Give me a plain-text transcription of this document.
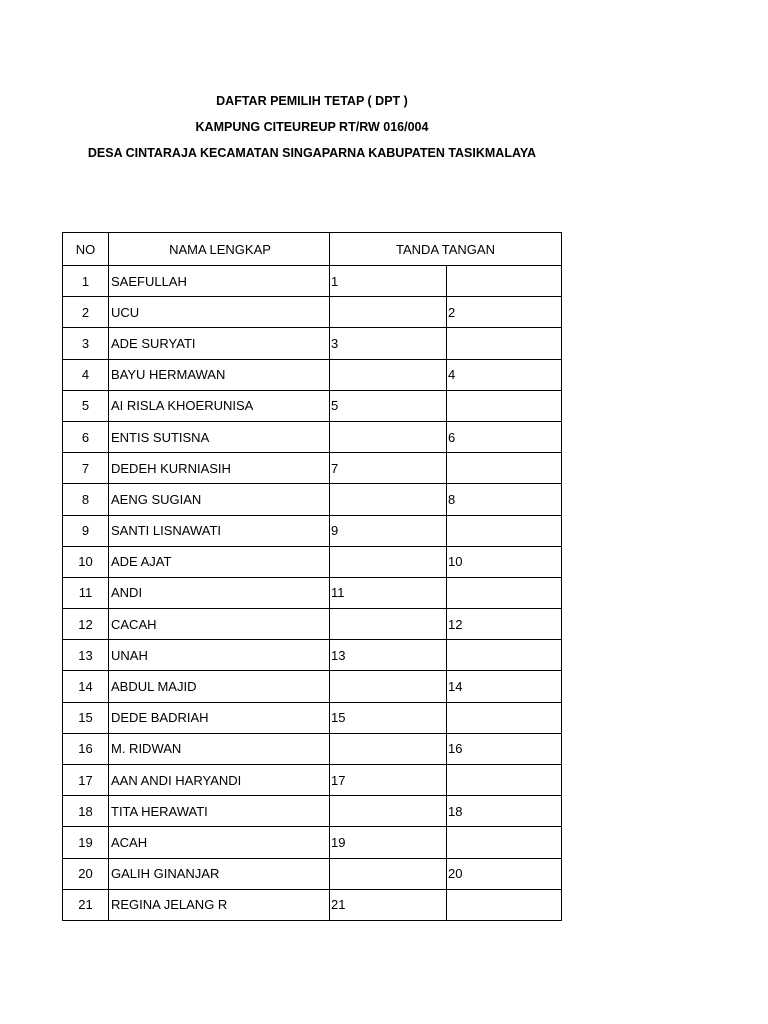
DAFTAR PEMILIH TETAP ( DPT )
KAMPUNG CITEUREUP RT/RW 016/004
DESA CINTARAJA KECAMATAN SINGAPARNA KABUPATEN TASIKMALAYA
NO	NAMA LENGKAP	TANDA TANGAN	
1	SAEFULLAH	1	
2	UCU		2
3	ADE SURYATI	3	
4	BAYU HERMAWAN		4
5	AI RISLA KHOERUNISA	5	
6	ENTIS SUTISNA		6
7	DEDEH KURNIASIH	7	
8	AENG SUGIAN		8
9	SANTI LISNAWATI	9	
10	ADE AJAT		10
11	ANDI	11	
12	CACAH		12
13	UNAH	13	
14	ABDUL MAJID		14
15	DEDE BADRIAH	15	
16	M. RIDWAN		16
17	AAN ANDI HARYANDI	17	
18	TITA HERAWATI		18
19	ACAH	19	
20	GALIH GINANJAR		20
21	REGINA JELANG R	21	
